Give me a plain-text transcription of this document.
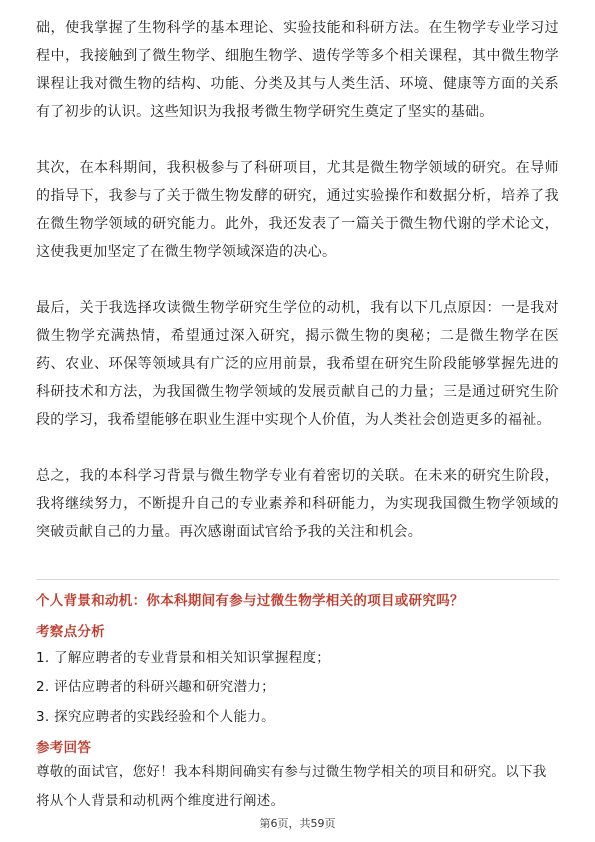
础，使我掌握了生物科学的基本理论、实验技能和科研方法。在生物学专业学习过程中，我接触到了微生物学、细胞生物学、遗传学等多个相关课程，其中微生物学课程让我对微生物的结构、功能、分类及其与人类生活、环境、健康等方面的关系有了初步的认识。这些知识为我报考微生物学研究生奠定了坚实的基础。

其次，在本科期间，我积极参与了科研项目，尤其是微生物学领域的研究。在导师的指导下，我参与了关于微生物发酵的研究，通过实验操作和数据分析，培养了我在微生物学领域的研究能力。此外，我还发表了一篇关于微生物代谢的学术论文，这使我更加坚定了在微生物学领域深造的决心。

最后，关于我选择攻读微生物学研究生学位的动机，我有以下几点原因：一是我对微生物学充满热情，希望通过深入研究，揭示微生物的奥秘；二是微生物学在医药、农业、环保等领域具有广泛的应用前景，我希望在研究生阶段能够掌握先进的科研技术和方法，为我国微生物学领域的发展贡献自己的力量；三是通过研究生阶段的学习，我希望能够在职业生涯中实现个人价值，为人类社会创造更多的福祉。

总之，我的本科学习背景与微生物学专业有着密切的关联。在未来的研究生阶段，我将继续努力，不断提升自己的专业素养和科研能力，为实现我国微生物学领域的突破贡献自己的力量。再次感谢面试官给予我的关注和机会。

个人背景和动机：你本科期间有参与过微生物学相关的项目或研究吗？
考察点分析
1. 了解应聘者的专业背景和相关知识掌握程度；
2. 评估应聘者的科研兴趣和研究潜力；
3. 探究应聘者的实践经验和个人能力。
参考回答

尊敬的面试官，您好！我本科期间确实有参与过微生物学相关的项目和研究。以下我将从个人背景和动机两个维度进行阐述。

第6页，共59页
